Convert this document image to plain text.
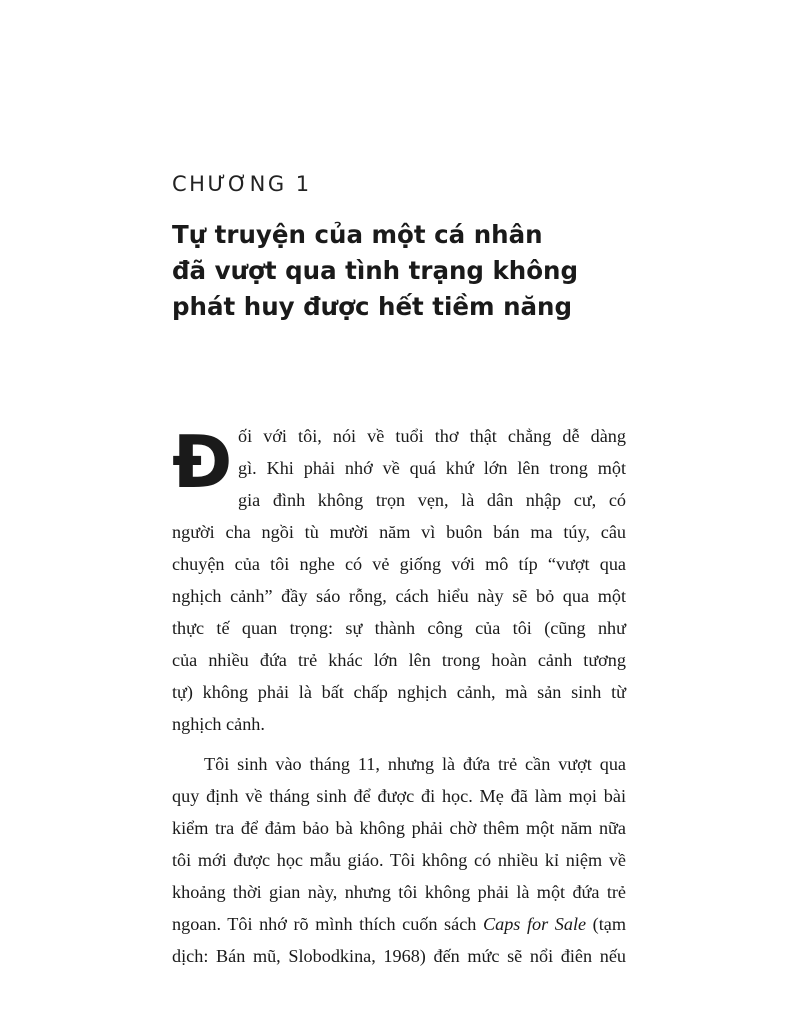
CHƯƠNG 1
Tự truyện của một cá nhân
đã vượt qua tình trạng không
phát huy được hết tiềm năng

Đ ối với tôi, nói về tuổi thơ thật chẳng dễ dàng
gì. Khi phải nhớ về quá khứ lớn lên trong một
gia đình không trọn vẹn, là dân nhập cư, có
người cha ngồi tù mười năm vì buôn bán ma túy, câu
chuyện của tôi nghe có vẻ giống với mô típ “vượt qua
nghịch cảnh” đầy sáo rỗng, cách hiểu này sẽ bỏ qua một
thực tế quan trọng: sự thành công của tôi (cũng như
của nhiều đứa trẻ khác lớn lên trong hoàn cảnh tương
tự) không phải là bất chấp nghịch cảnh, mà sản sinh từ
nghịch cảnh.

Tôi sinh vào tháng 11, nhưng là đứa trẻ cần vượt qua
quy định về tháng sinh để được đi học. Mẹ đã làm mọi bài
kiểm tra để đảm bảo bà không phải chờ thêm một năm nữa
tôi mới được học mẫu giáo. Tôi không có nhiều kỉ niệm về
khoảng thời gian này, nhưng tôi không phải là một đứa trẻ
ngoan. Tôi nhớ rõ mình thích cuốn sách Caps for Sale (tạm
dịch: Bán mũ, Slobodkina, 1968) đến mức sẽ nổi điên nếu
